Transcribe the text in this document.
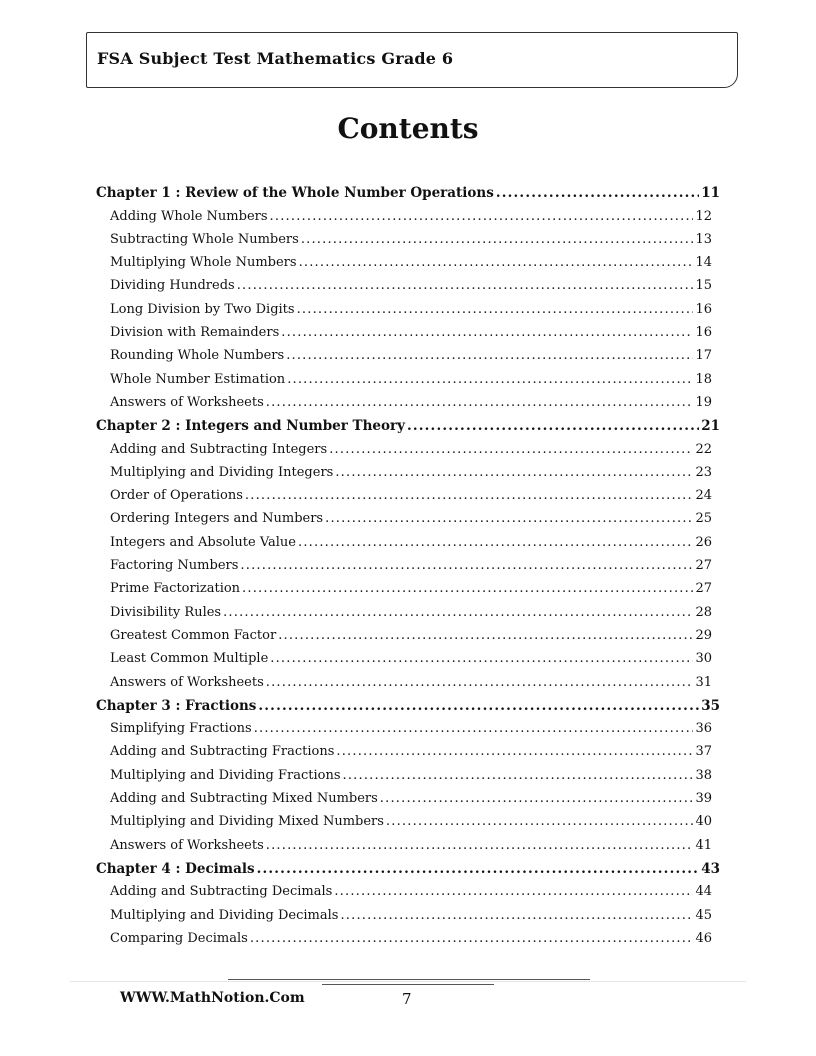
FSA Subject Test Mathematics Grade 6
Contents
Chapter 1 : Review of the Whole Number Operations .....	11
Adding Whole Numbers .....	12
Subtracting Whole Numbers .....	13
Multiplying Whole Numbers .....	14
Dividing Hundreds .....	15
Long Division by Two Digits .....	16
Division with Remainders .....	16
Rounding Whole Numbers .....	17
Whole Number Estimation .....	18
Answers of Worksheets .....	19
Chapter 2 : Integers and Number Theory .....	21
Adding and Subtracting Integers .....	22
Multiplying and Dividing Integers .....	23
Order of Operations .....	24
Ordering Integers and Numbers .....	25
Integers and Absolute Value .....	26
Factoring Numbers .....	27
Prime Factorization .....	27
Divisibility Rules .....	28
Greatest Common Factor .....	29
Least Common Multiple .....	30
Answers of Worksheets .....	31
Chapter 3 : Fractions .....	35
Simplifying Fractions .....	36
Adding and Subtracting Fractions .....	37
Multiplying and Dividing Fractions .....	38
Adding and Subtracting Mixed Numbers .....	39
Multiplying and Dividing Mixed Numbers .....	40
Answers of Worksheets .....	41
Chapter 4 : Decimals .....	43
Adding and Subtracting Decimals .....	44
Multiplying and Dividing Decimals .....	45
Comparing Decimals .....	46
WWW.MathNotion.Com	7
